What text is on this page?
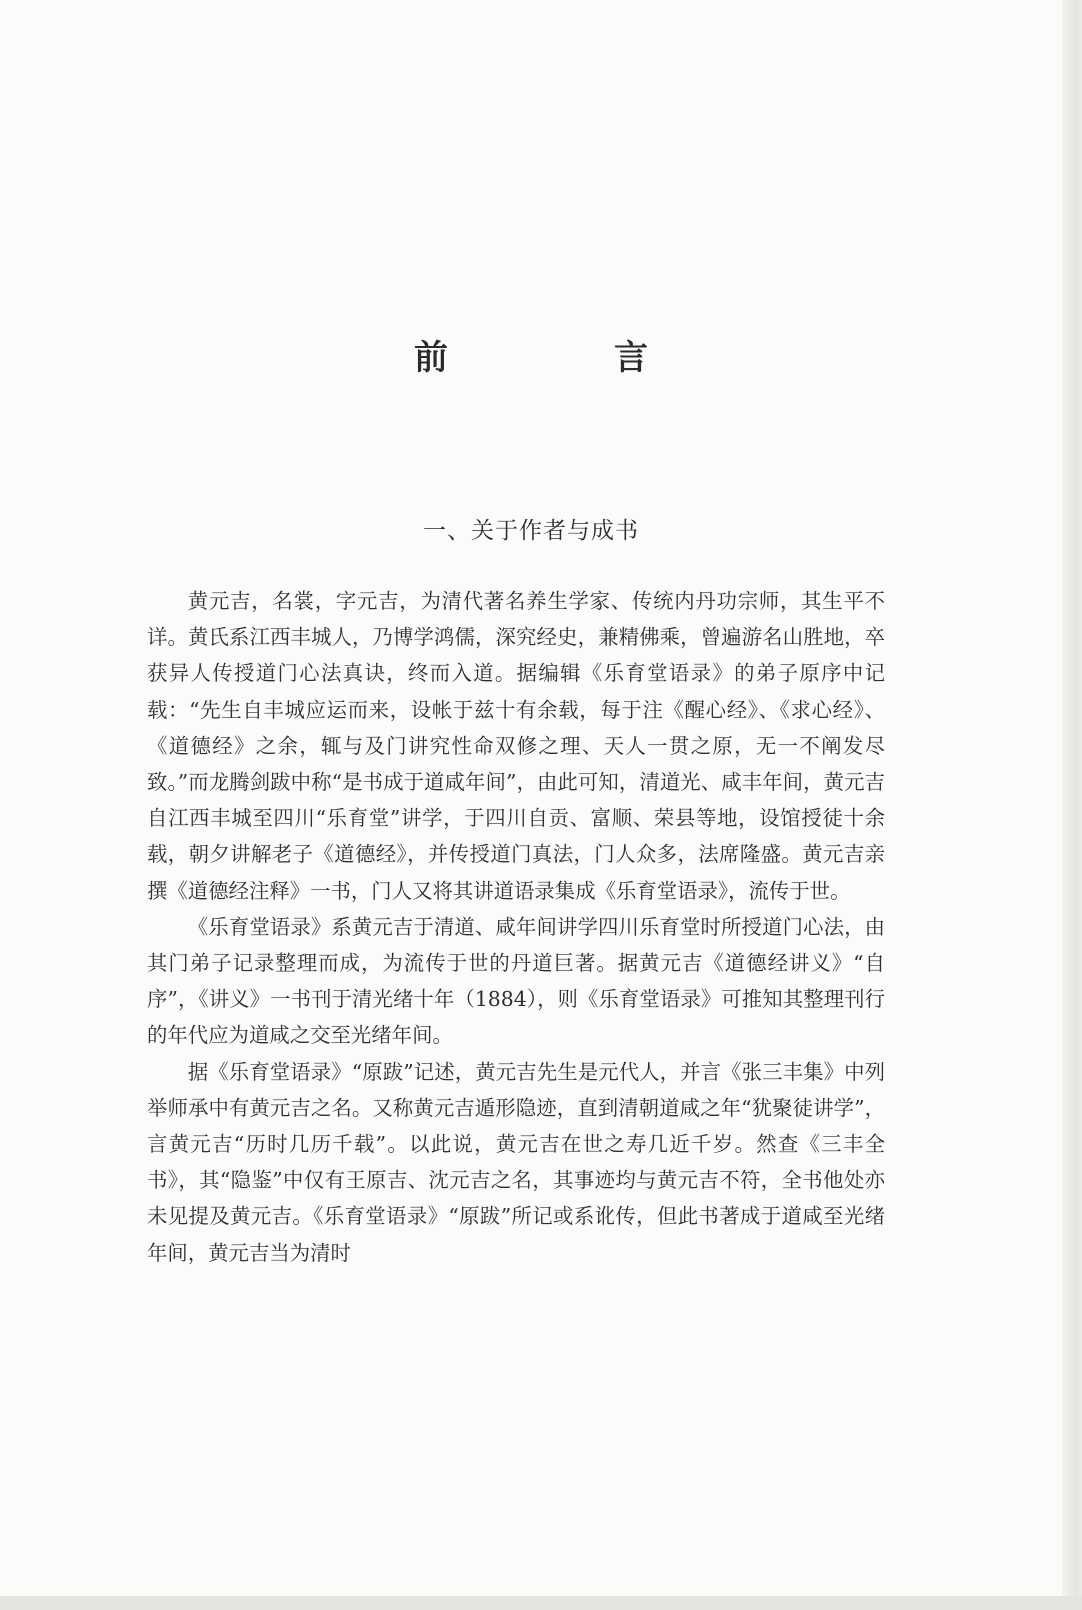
前　言
一、关于作者与成书

黄元吉，名裳，字元吉，为清代著名养生学家、传统内丹功宗师，其生平不详。黄氏系江西丰城人，乃博学鸿儒，深究经史，兼精佛乘，曾遍游名山胜地，卒获异人传授道门心法真诀，终而入道。据编辑《乐育堂语录》的弟子原序中记载：“先生自丰城应运而来，设帐于兹十有余载，每于注《醒心经》、《求心经》、《道德经》之余，辄与及门讲究性命双修之理、天人一贯之原，无一不阐发尽致。”而龙腾剑跋中称“是书成于道咸年间”，由此可知，清道光、咸丰年间，黄元吉自江西丰城至四川“乐育堂”讲学，于四川自贡、富顺、荣县等地，设馆授徒十余载，朝夕讲解老子《道德经》，并传授道门真法，门人众多，法席隆盛。黄元吉亲撰《道德经注释》一书，门人又将其讲道语录集成《乐育堂语录》，流传于世。

《乐育堂语录》系黄元吉于清道、咸年间讲学四川乐育堂时所授道门心法，由其门弟子记录整理而成，为流传于世的丹道巨著。据黄元吉《道德经讲义》“自序”，《讲义》一书刊于清光绪十年（1884），则《乐育堂语录》可推知其整理刊行的年代应为道咸之交至光绪年间。

据《乐育堂语录》“原跋”记述，黄元吉先生是元代人，并言《张三丰集》中列举师承中有黄元吉之名。又称黄元吉遁形隐迹，直到清朝道咸之年“犹聚徒讲学”，言黄元吉“历时几历千载”。以此说，黄元吉在世之寿几近千岁。然查《三丰全书》，其“隐鉴”中仅有王原吉、沈元吉之名，其事迹均与黄元吉不符，全书他处亦未见提及黄元吉。《乐育堂语录》“原跋”所记或系讹传，但此书著成于道咸至光绪年间，黄元吉当为清时
